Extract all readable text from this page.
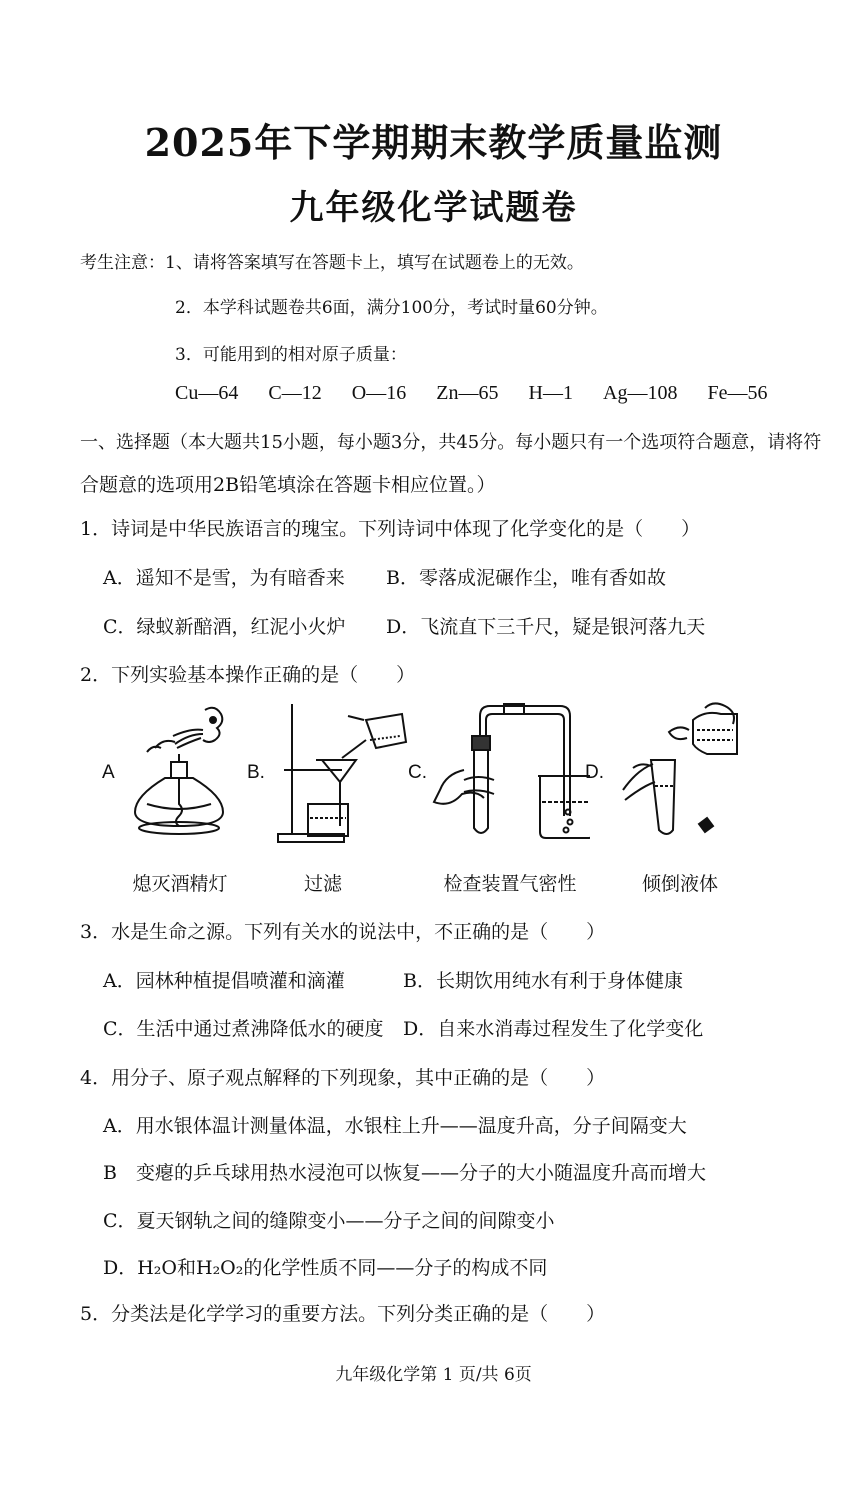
2025年下学期期末教学质量监测
九年级化学试题卷
考生注意：1、请将答案填写在答题卡上，填写在试题卷上的无效。
2．本学科试题卷共6面，满分100分，考试时量60分钟。
3．可能用到的相对原子质量：
Cu—64 C—12 O—16 Zn—65 H—1 Ag—108 Fe—56
一、选择题（本大题共15小题，每小题3分，共45分。每小题只有一个选项符合题意，请将符
合题意的选项用2B铅笔填涂在答题卡相应位置。）
1．诗词是中华民族语言的瑰宝。下列诗词中体现了化学变化的是（　　）
A．遥知不是雪，为有暗香来 B．零落成泥碾作尘，唯有香如故
C．绿蚁新醅酒，红泥小火炉 D．飞流直下三千尺，疑是银河落九天
2．下列实验基本操作正确的是（　　）
A	B.	C.	D.
熄灭酒精灯	过滤	检查装置气密性	倾倒液体
3．水是生命之源。下列有关水的说法中，不正确的是（　　）
A．园林种植提倡喷灌和滴灌	B．长期饮用纯水有利于身体健康
C．生活中通过煮沸降低水的硬度 D．自来水消毒过程发生了化学变化
4．用分子、原子观点解释的下列现象，其中正确的是（　　）
A．用水银体温计测量体温，水银柱上升——温度升高，分子间隔变大
B　变瘪的乒乓球用热水浸泡可以恢复——分子的大小随温度升高而增大
C．夏天钢轨之间的缝隙变小——分子之间的间隙变小
D．H₂O和H₂O₂的化学性质不同——分子的构成不同
5．分类法是化学学习的重要方法。下列分类正确的是（　　）
九年级化学第 1 页/共 6页
